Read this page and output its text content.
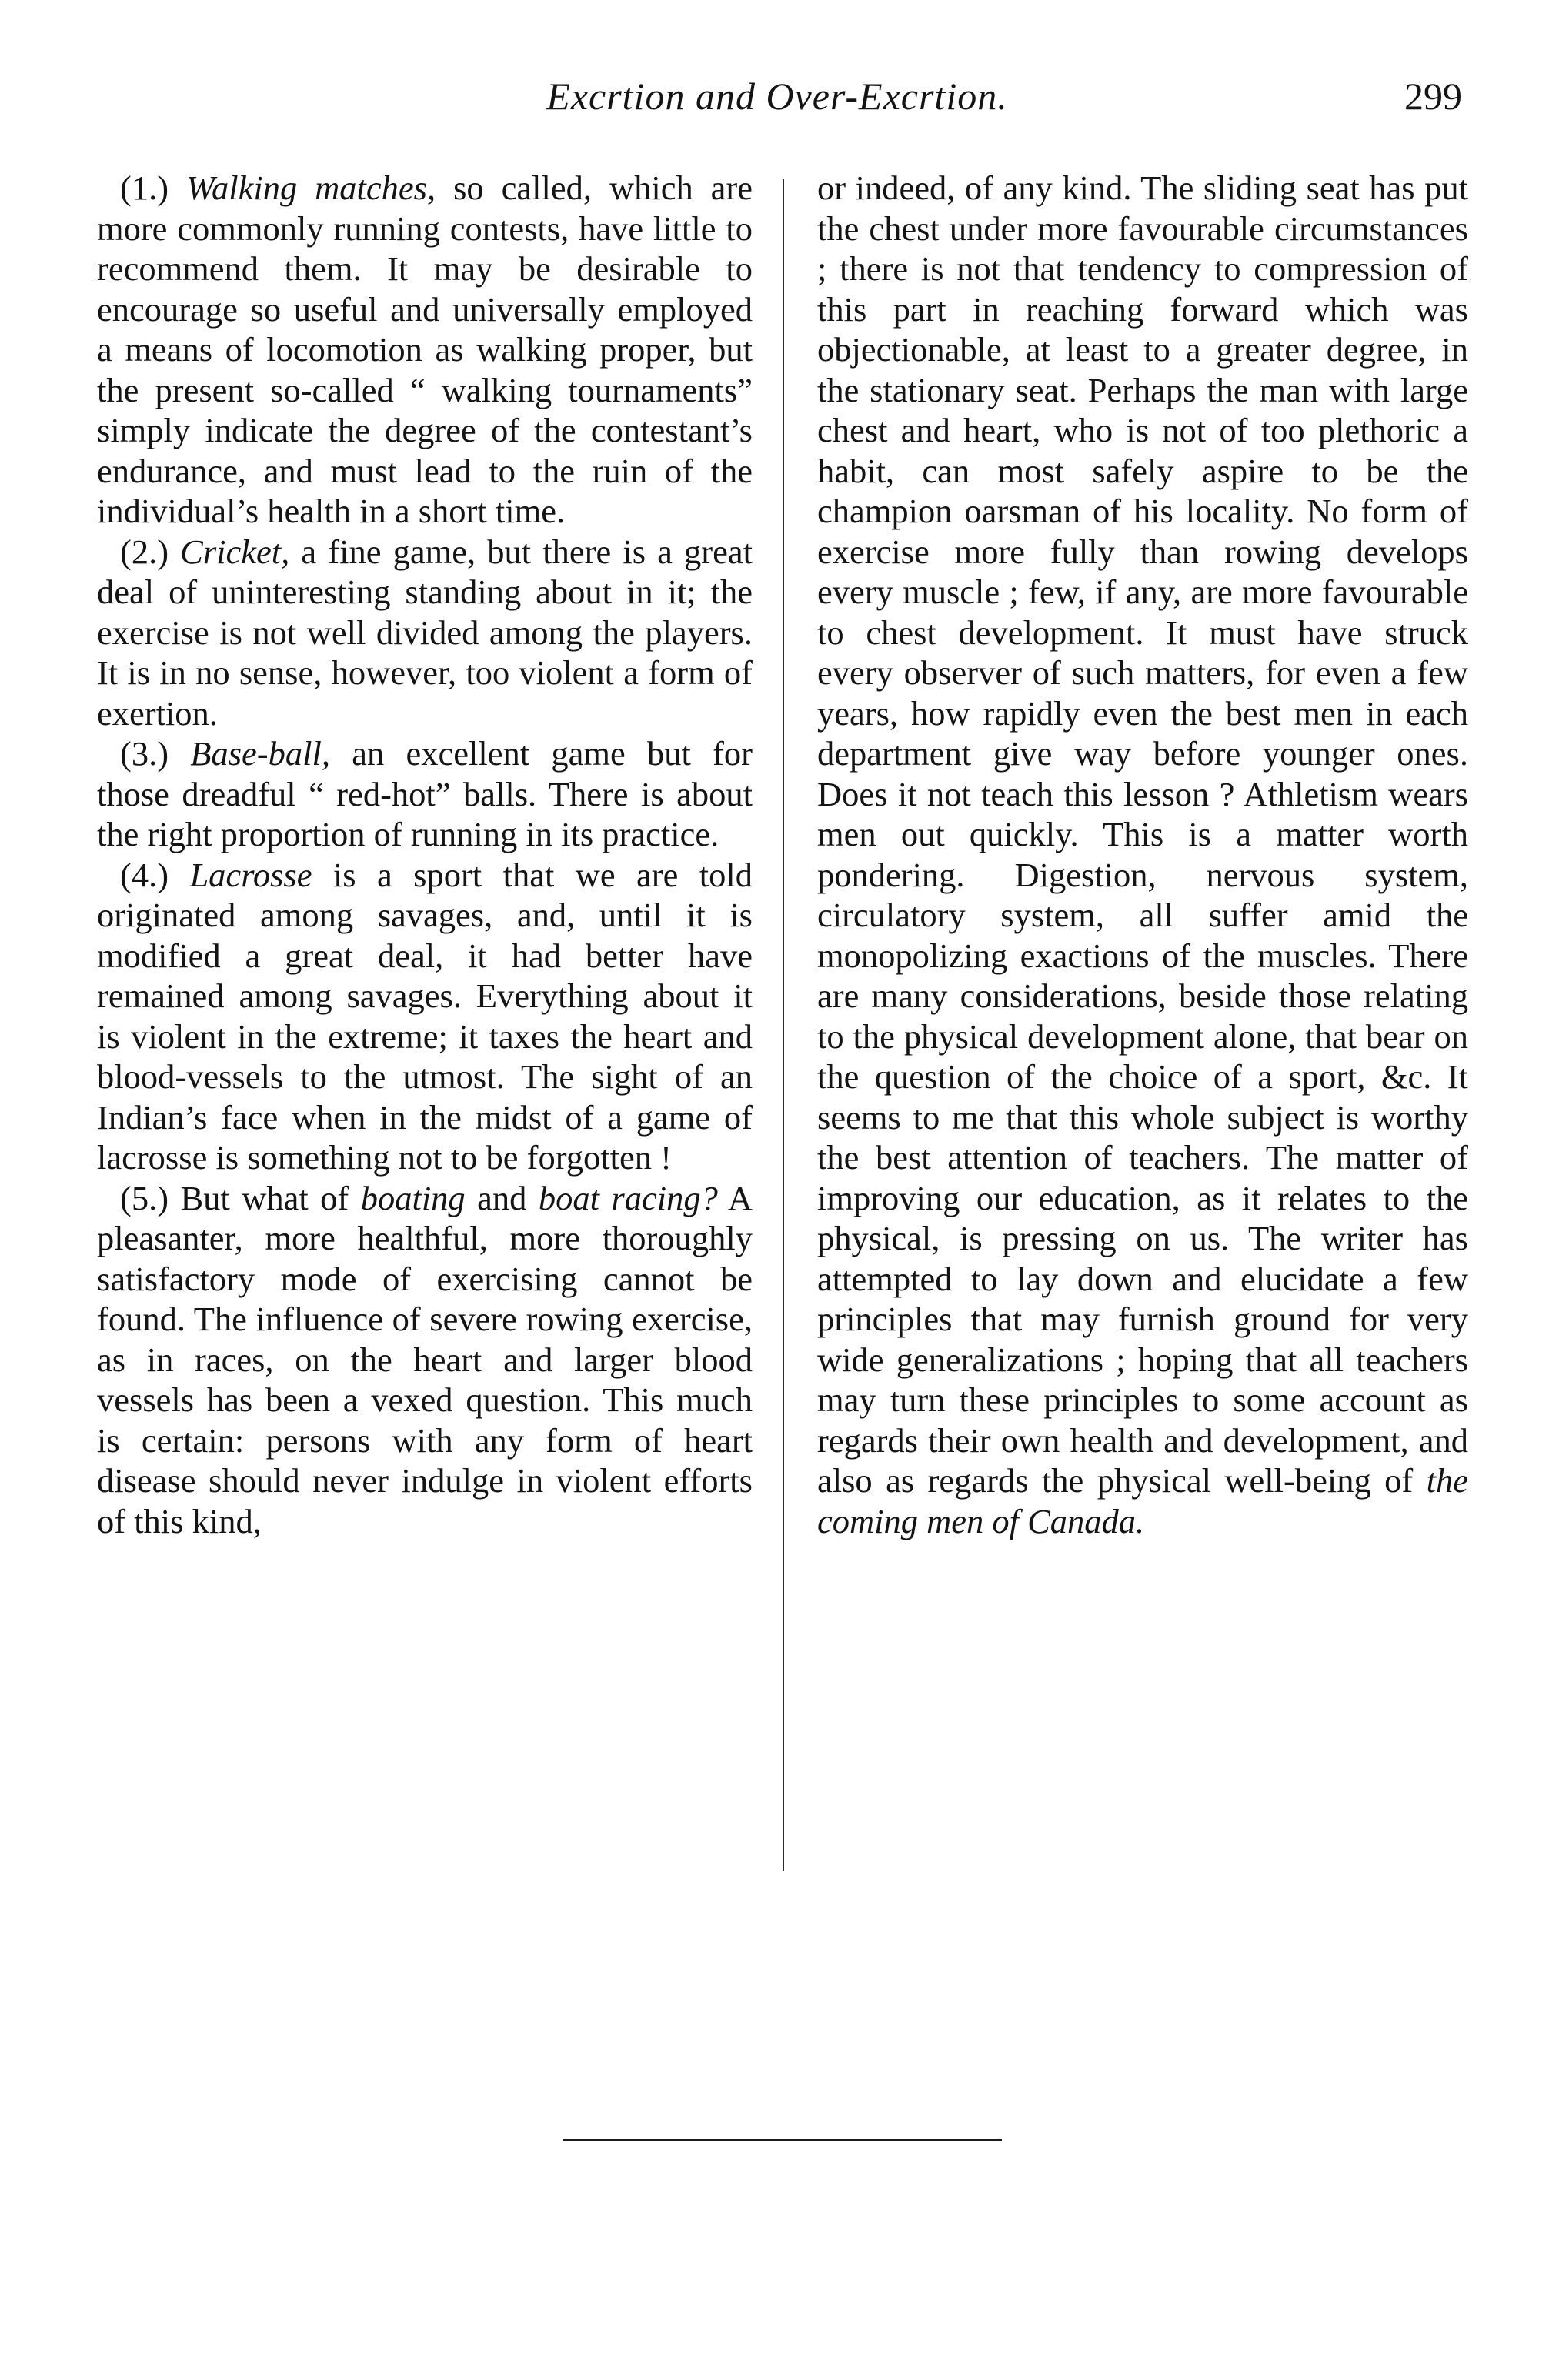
Excrtion and Over-Excrtion.	299

(1.) Walking matches, so called, which are more commonly running contests, have little to recommend them. It may be desirable to encourage so useful and universally employed a means of locomotion as walking proper, but the present so-called “ walking tournaments” simply indicate the degree of the contestant’s endurance, and must lead to the ruin of the individual’s health in a short time.

(2.) Cricket, a fine game, but there is a great deal of uninteresting standing about in it; the exercise is not well divided among the players. It is in no sense, however, too violent a form of exertion.

(3.) Base-ball, an excellent game but for those dreadful “ red-hot” balls. There is about the right proportion of running in its practice.

(4.) Lacrosse is a sport that we are told originated among savages, and, until it is modified a great deal, it had better have remained among savages. Everything about it is violent in the extreme; it taxes the heart and blood-vessels to the utmost. The sight of an Indian’s face when in the midst of a game of lacrosse is something not to be forgotten !

(5.) But what of boating and boat racing? A pleasanter, more healthful, more thoroughly satisfactory mode of exercising cannot be found. The influence of severe rowing exercise, as in races, on the heart and larger blood vessels has been a vexed question. This much is certain: persons with any form of heart disease should never indulge in violent efforts of this kind,

or indeed, of any kind. The sliding seat has put the chest under more favourable circumstances ; there is not that tendency to compression of this part in reaching forward which was objectionable, at least to a greater degree, in the stationary seat. Perhaps the man with large chest and heart, who is not of too plethoric a habit, can most safely aspire to be the champion oarsman of his locality. No form of exercise more fully than rowing develops every muscle ; few, if any, are more favourable to chest development. It must have struck every observer of such matters, for even a few years, how rapidly even the best men in each department give way before younger ones. Does it not teach this lesson ? Athletism wears men out quickly. This is a matter worth pondering. Digestion, nervous system, circulatory system, all suffer amid the monopolizing exactions of the muscles. There are many considerations, beside those relating to the physical development alone, that bear on the question of the choice of a sport, &c. It seems to me that this whole subject is worthy the best attention of teachers. The matter of improving our education, as it relates to the physical, is pressing on us. The writer has attempted to lay down and elucidate a few principles that may furnish ground for very wide generalizations ; hoping that all teachers may turn these principles to some account as regards their own health and development, and also as regards the physical well-being of the coming men of Canada.
